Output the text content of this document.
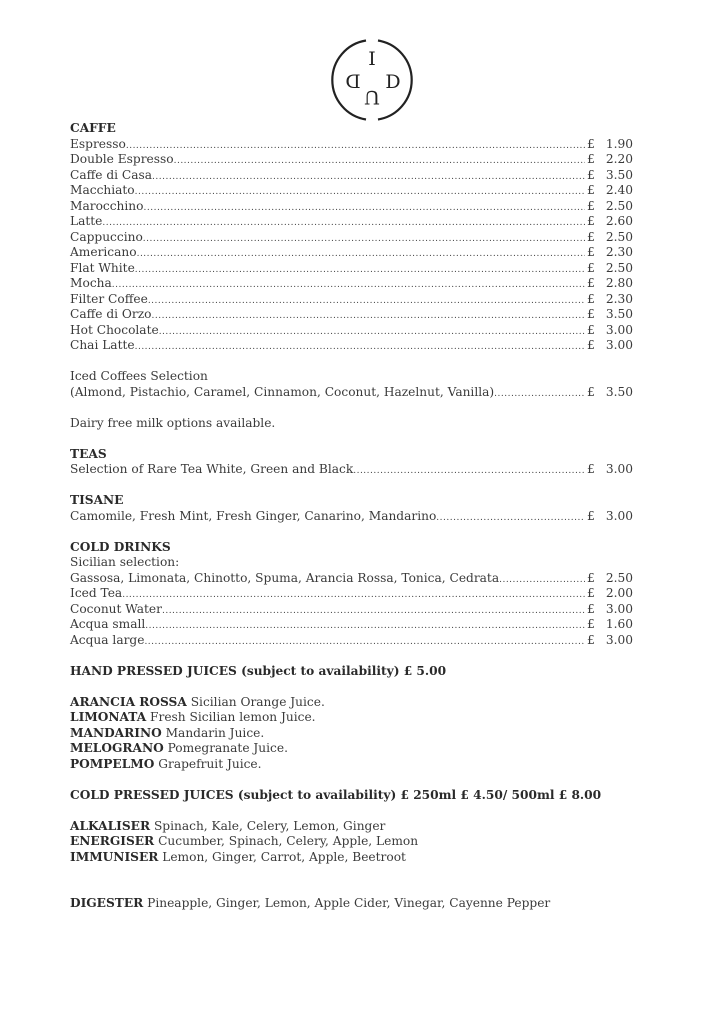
I
D D
U
CAFFE
Espresso .....	£ 1.90
Double Espresso .....	£ 2.20
Caffe di Casa .....	£ 3.50
Macchiato .....	£ 2.40
Marocchino .....	£ 2.50
Latte .....	£ 2.60
Cappuccino .....	£ 2.50
Americano .....	£ 2.30
Flat White .....	£ 2.50
Mocha .....	£ 2.80
Filter Coffee .....	£ 2.30
Caffe di Orzo .....	£ 3.50
Hot Chocolate .....	£ 3.00
Chai Latte .....	£ 3.00
Iced Coffees Selection
(Almond, Pistachio, Caramel, Cinnamon, Coconut, Hazelnut, Vanilla) .....	£ 3.50
Dairy free milk options available.
TEAS
Selection of Rare Tea White, Green and Black .....	£ 3.00
TISANE
Camomile, Fresh Mint, Fresh Ginger, Canarino, Mandarino .....	£ 3.00
COLD DRINKS
Sicilian selection:
Gassosa, Limonata, Chinotto, Spuma, Arancia Rossa, Tonica, Cedrata .....	£ 2.50
Iced Tea .....	£ 2.00
Coconut Water .....	£ 3.00
Acqua small .....	£ 1.60
Acqua large .....	£ 3.00
HAND PRESSED JUICES (subject to availability) £ 5.00
ARANCIA ROSSA Sicilian Orange Juice.
LIMONATA Fresh Sicilian lemon Juice.
MANDARINO Mandarin Juice.
MELOGRANO Pomegranate Juice.
POMPELMO Grapefruit Juice.
COLD PRESSED JUICES (subject to availability) £ 250ml £ 4.50/ 500ml £ 8.00
ALKALISER Spinach, Kale, Celery, Lemon, Ginger
ENERGISER Cucumber, Spinach, Celery, Apple, Lemon
IMMUNISER Lemon, Ginger, Carrot, Apple, Beetroot
DIGESTER Pineapple, Ginger, Lemon, Apple Cider, Vinegar, Cayenne Pepper
